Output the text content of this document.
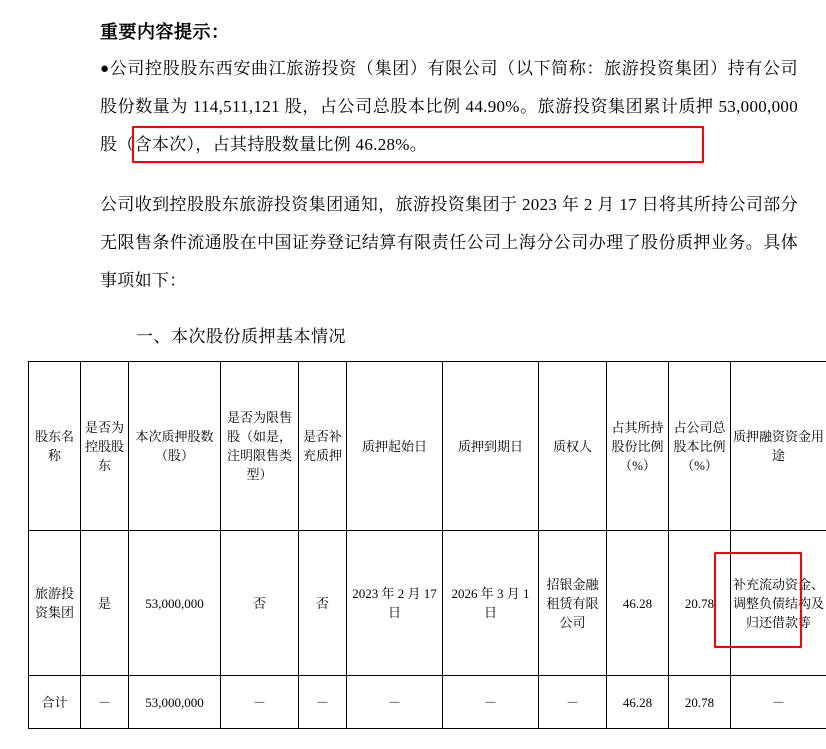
重要内容提示：

●公司控股股东西安曲江旅游投资（集团）有限公司（以下简称：旅游投资集团）持有公司股份数量为 114,511,121 股，占公司总股本比例 44.90%。旅游投资集团累计质押 53,000,000 股（含本次），占其持股数量比例 46.28%。

公司收到控股股东旅游投资集团通知，旅游投资集团于 2023 年 2 月 17 日将其所持公司部分无限售条件流通股在中国证券登记结算有限责任公司上海分公司办理了股份质押业务。具体事项如下：

一、本次股份质押基本情况
股东名称	是否为控股股东	本次质押股数（股）	是否为限售股（如是，注明限售类型）	是否补充质押	质押起始日	质押到期日	质权人	占其所持股份比例（%）	占公司总股本比例（%）	质押融资资金用途

旅游投资集团	是	53,000,000	否	否	2023 年 2 月 17 日	2026 年 3 月 1 日	招银金融租赁有限公司	46.28	20.78	补充流动资金、调整负债结构及归还借款等

合计	－	53,000,000	－	－	－	－	－	46.28	20.78	－
